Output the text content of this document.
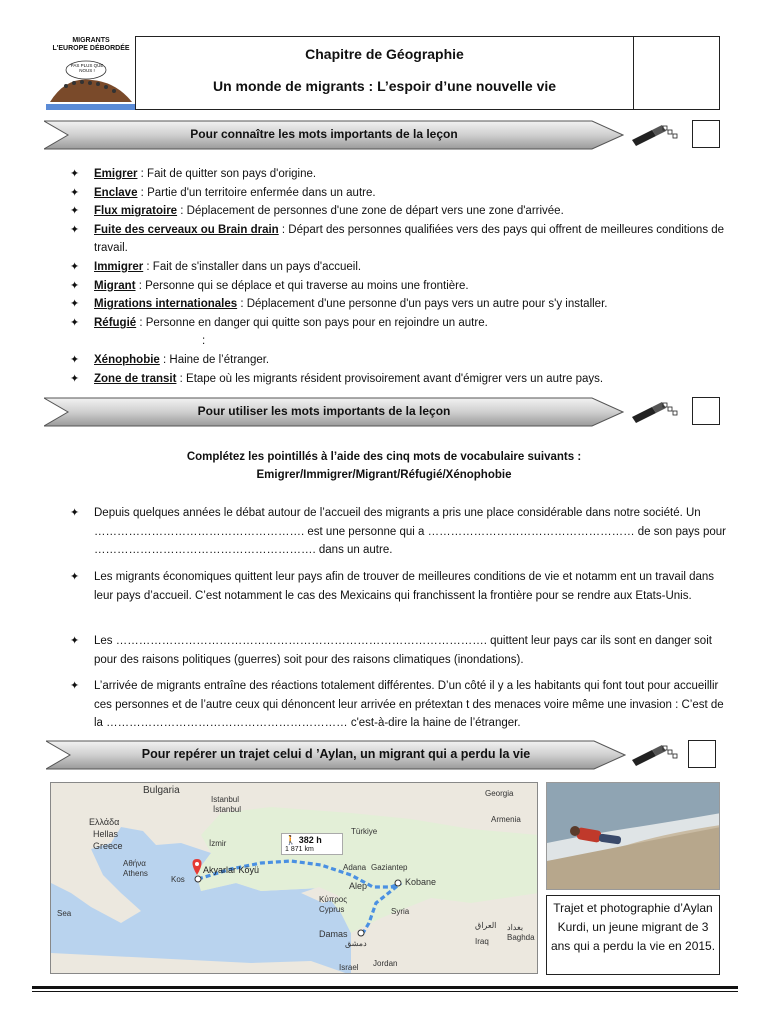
MIGRANTS
L'EUROPE DÉBORDÉE
PAS PLUS QUE NOUS !
Chapitre de Géographie
Un monde de migrants : L’espoir d’une nouvelle vie
Pour connaître les mots importants de la leçon
✦ Emigrer : Fait de quitter son pays d'origine.
✦ Enclave : Partie d'un territoire enfermée dans un autre.
✦ Flux migratoire : Déplacement de personnes d'une zone de départ vers une zone d'arrivée.
✦ Fuite des cerveaux ou Brain drain : Départ des personnes qualifiées vers des pays qui offrent de meilleures conditions de travail.
✦ Immigrer : Fait de s'installer dans un pays d'accueil.
✦ Migrant : Personne qui se déplace et qui traverse au moins une frontière.
✦ Migrations internationales : Déplacement d'une personne d'un pays vers un autre pour s'y installer.
✦ Réfugié : Personne en danger qui quitte son pays pour en rejoindre un autre.
:
✦ Xénophobie : Haine de l’étranger.
✦ Zone de transit : Etape où les migrants résident provisoirement avant d'émigrer vers un autre pays.
Pour utiliser les mots importants de la leçon
Complétez les pointillés à l’aide des cinq mots de vocabulaire suivants :
Emigrer/Immigrer/Migrant/Réfugié/Xénophobie
✦	Depuis quelques années le débat autour de l’accueil des migrants a pris une place considérable dans notre société. Un ………………………………………………. est une personne qui a ……………………………………………… de son pays pour …………………………………………………. dans un autre.
✦	Les migrants économiques quittent leur pays afin de trouver de meilleures conditions de vie et notamm ent un travail dans leur pays d’accueil. C’est notamment le cas des Mexicains qui franchissent la frontière pour se rendre aux Etats-Unis.
✦	Les ……………………………………………………………………………………. quittent leur pays car ils sont en danger soit pour des raisons politiques (guerres) soit pour des raisons climatiques (inondations).
✦	L’arrivée de migrants entraîne des réactions totalement différentes. D’un côté il y a les habitants qui font tout pour accueillir ces personnes et de l’autre ceux qui dénoncent leur arrivée en prétextan t des menaces voire même une invasion : C’est de la ……………………………………………………… c'est-à-dire la haine de l’étranger.
Pour repérer un trajet celui d ’Aylan, un migrant qui a perdu la vie
Bulgaria
Istanbul
İstanbul
Ελλάδα
Hellas
Greece
Αθήνα
Athens
İzmir
Kos
Akyarlar Köyü	Adana Gaziantep
Alep	Kobane
Κύπρος
Cyprus	Syria
Damas
دمشق	Iraq
العراق
Baghda
بغداد
Jordan
Israel
Georgia
Armenia
Sea
Türkiye
🚶 382 h
1 871 km
Trajet et photographie d’Aylan Kurdi, un jeune migrant de 3 ans qui a perdu la vie en 2015.
